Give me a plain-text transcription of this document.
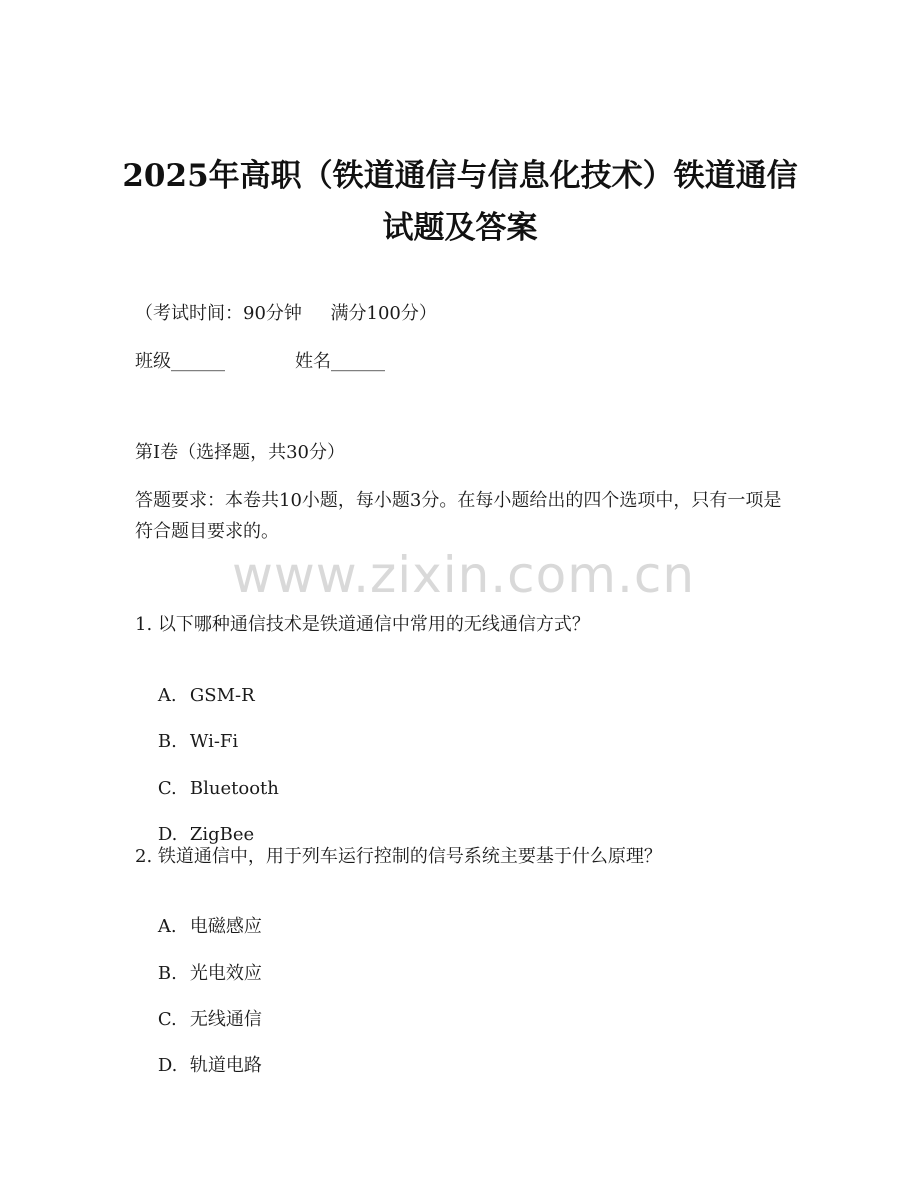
2025年高职（铁道通信与信息化技术）铁道通信试题及答案
（考试时间：90分钟     满分100分）
班级______	姓名______
第I卷（选择题，共30分）
答题要求：本卷共10小题，每小题3分。在每小题给出的四个选项中，只有一项是符合题目要求的。
www.zixin.com.cn
1. 以下哪种通信技术是铁道通信中常用的无线通信方式？

A. GSM-R

B. Wi-Fi

C. Bluetooth

D. ZigBee

2. 铁道通信中，用于列车运行控制的信号系统主要基于什么原理？

A. 电磁感应

B. 光电效应

C. 无线通信

D. 轨道电路
